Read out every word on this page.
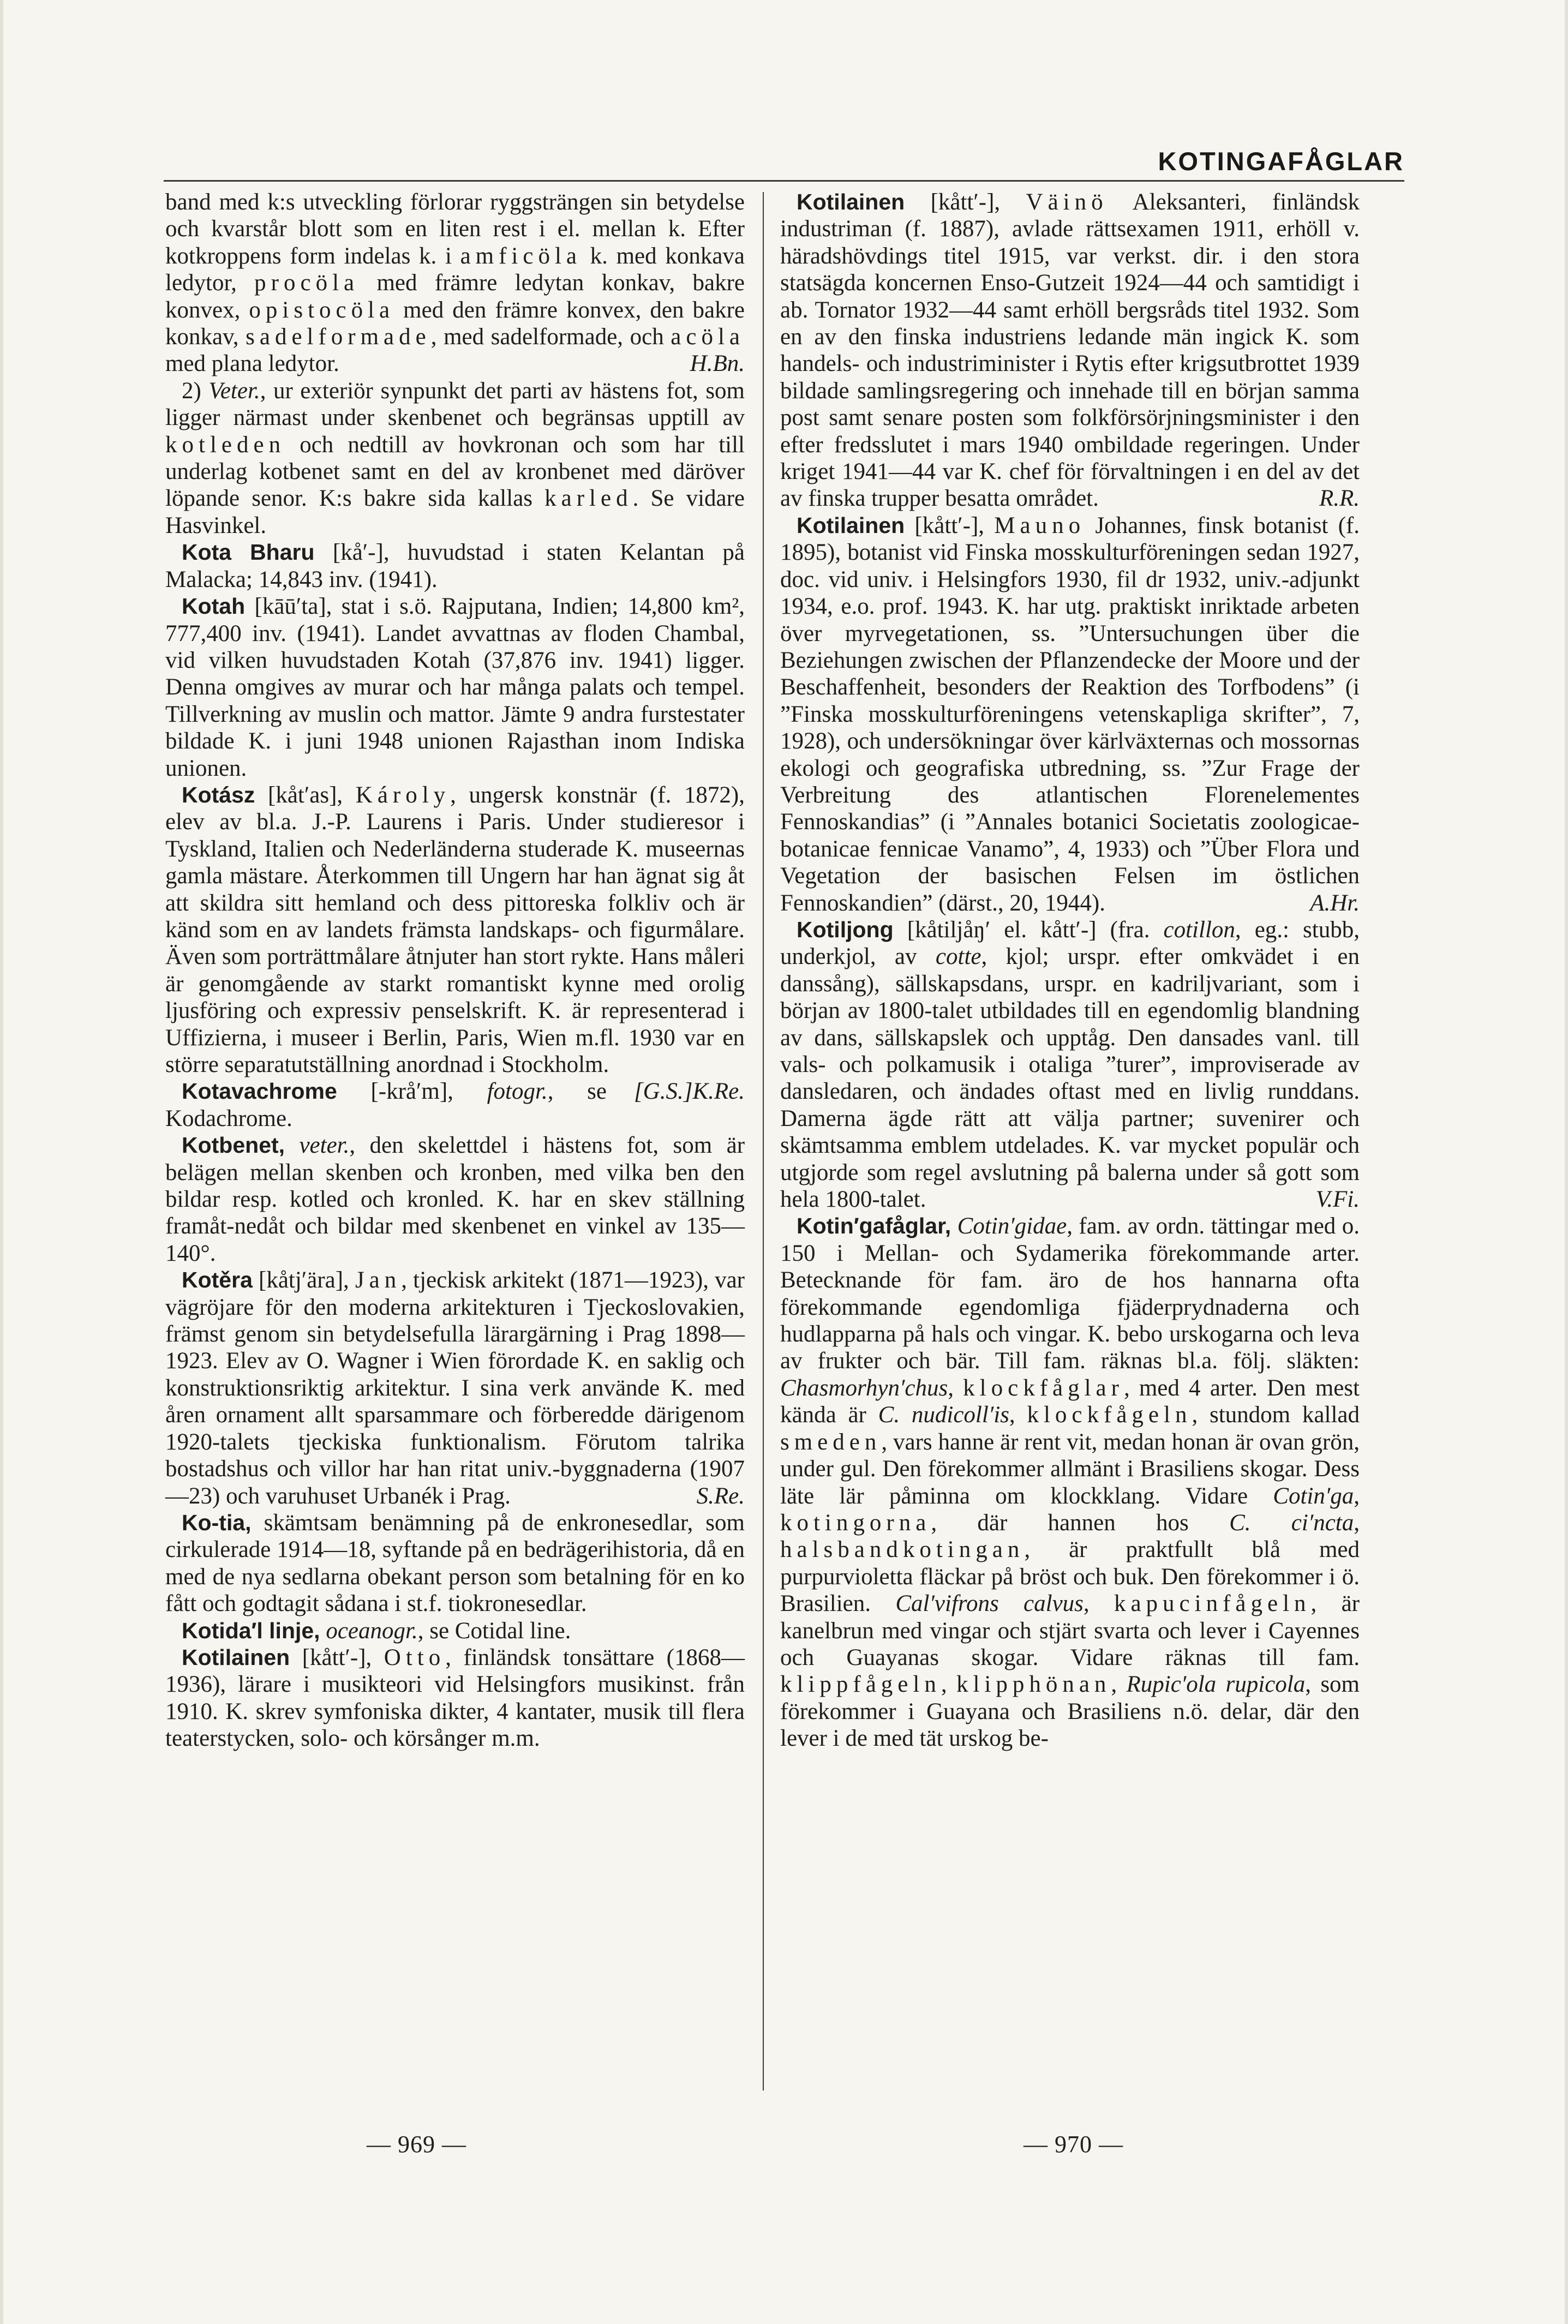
KOTINGAFÅGLAR

band med k:s utveckling förlorar ryggsträngen sin betydelse och kvarstår blott som en liten rest i el. mellan k. Efter kotkroppens form indelas k. i amficöla k. med konkava ledytor, procöla med främre ledytan konkav, bakre konvex, opistocöla med den främre konvex, den bakre konkav, sadelformade, med sadelformade, och acöla med plana ledytor.	H.Bn.

2) Veter., ur exteriör synpunkt det parti av hästens fot, som ligger närmast under skenbenet och begränsas upptill av kotleden och nedtill av hovkronan och som har till underlag kotbenet samt en del av kronbenet med däröver löpande senor. K:s bakre sida kallas karled. Se vidare Hasvinkel.

Kota Bharu [kå′-], huvudstad i staten Kelantan på Malacka; 14,843 inv. (1941).

Kotah [kāū′ta], stat i s.ö. Rajputana, Indien; 14,800 km², 777,400 inv. (1941). Landet avvattnas av floden Chambal, vid vilken huvudstaden Kotah (37,876 inv. 1941) ligger. Denna omgives av murar och har många palats och tempel. Tillverkning av muslin och mattor. Jämte 9 andra furstestater bildade K. i juni 1948 unionen Rajasthan inom Indiska unionen.

Kotász [kåt′as], Károly, ungersk konstnär (f. 1872), elev av bl.a. J.-P. Laurens i Paris. Under studieresor i Tyskland, Italien och Nederländerna studerade K. museernas gamla mästare. Återkommen till Ungern har han ägnat sig åt att skildra sitt hemland och dess pittoreska folkliv och är känd som en av landets främsta landskaps- och figurmålare. Även som porträttmålare åtnjuter han stort rykte. Hans måleri är genomgående av starkt romantiskt kynne med orolig ljusföring och expressiv penselskrift. K. är representerad i Uffizierna, i museer i Berlin, Paris, Wien m.fl. 1930 var en större separatutställning anordnad i Stockholm.
[G.S.]K.Re.

Kotavachrome [-krå′m], fotogr., se Kodachrome.

Kotbenet, veter., den skelettdel i hästens fot, som är belägen mellan skenben och kronben, med vilka ben den bildar resp. kotled och kronled. K. har en skev ställning framåt-nedåt och bildar med skenbenet en vinkel av 135—140°.

Kotěra [kåtj′ära], Jan, tjeckisk arkitekt (1871—1923), var vägröjare för den moderna arkitekturen i Tjeckoslovakien, främst genom sin betydelsefulla lärargärning i Prag 1898—1923. Elev av O. Wagner i Wien förordade K. en saklig och konstruktionsriktig arkitektur. I sina verk använde K. med åren ornament allt sparsammare och förberedde därigenom 1920-talets tjeckiska funktionalism. Förutom talrika bostadshus och villor har han ritat univ.-byggnaderna (1907—23) och varuhuset Urbanék i Prag.	S.Re.

Ko-tia, skämtsam benämning på de enkronesedlar, som cirkulerade 1914—18, syftande på en bedrägerihistoria, då en med de nya sedlarna obekant person som betalning för en ko fått och godtagit sådana i st.f. tiokronesedlar.

Kotida′l linje, oceanogr., se Cotidal line.

Kotilainen [kått′-], Otto, finländsk tonsättare (1868—1936), lärare i musikteori vid Helsingfors musikinst. från 1910. K. skrev symfoniska dikter, 4 kantater, musik till flera teaterstycken, solo- och körsånger m.m.

Kotilainen [kått′-], Väinö Aleksanteri, finländsk industriman (f. 1887), avlade rättsexamen 1911, erhöll v. häradshövdings titel 1915, var verkst. dir. i den stora statsägda koncernen Enso-Gutzeit 1924—44 och samtidigt i ab. Tornator 1932—44 samt erhöll bergsråds titel 1932. Som en av den finska industriens ledande män ingick K. som handels- och industriminister i Rytis efter krigsutbrottet 1939 bildade samlingsregering och innehade till en början samma post samt senare posten som folkförsörjningsminister i den efter fredsslutet i mars 1940 ombildade regeringen. Under kriget 1941—44 var K. chef för förvaltningen i en del av det av finska trupper besatta området.	R.R.

Kotilainen [kått′-], Mauno Johannes, finsk botanist (f. 1895), botanist vid Finska mosskulturföreningen sedan 1927, doc. vid univ. i Helsingfors 1930, fil dr 1932, univ.-adjunkt 1934, e.o. prof. 1943. K. har utg. praktiskt inriktade arbeten över myrvegetationen, ss. ”Untersuchungen über die Beziehungen zwischen der Pflanzendecke der Moore und der Beschaffenheit, besonders der Reaktion des Torfbodens” (i ”Finska mosskulturföreningens vetenskapliga skrifter”, 7, 1928), och undersökningar över kärlväxternas och mossornas ekologi och geografiska utbredning, ss. ”Zur Frage der Verbreitung des atlantischen Florenelementes Fennoskandias” (i ”Annales botanici Societatis zoologicae-botanicae fennicae Vanamo”, 4, 1933) och ”Über Flora und Vegetation der basischen Felsen im östlichen Fennoskandien” (därst., 20, 1944).	A.Hr.

Kotiljong [kåtiljåŋ′ el. kått′-] (fra. cotillon, eg.: stubb, underkjol, av cotte, kjol; urspr. efter omkvädet i en danssång), sällskapsdans, urspr. en kadriljvariant, som i början av 1800-talet utbildades till en egendomlig blandning av dans, sällskapslek och upptåg. Den dansades vanl. till vals- och polkamusik i otaliga ”turer”, improviserade av dansledaren, och ändades oftast med en livlig runddans. Damerna ägde rätt att välja partner; suvenirer och skämtsamma emblem utdelades. K. var mycket populär och utgjorde som regel avslutning på balerna under så gott som hela 1800-talet.	V.Fi.

Kotin′gafåglar, Cotin′gidae, fam. av ordn. tättingar med o. 150 i Mellan- och Sydamerika förekommande arter. Betecknande för fam. äro de hos hannarna ofta förekommande egendomliga fjäderprydnaderna och hudlapparna på hals och vingar. K. bebo urskogarna och leva av frukter och bär. Till fam. räknas bl.a. följ. släkten: Chasmorhyn′chus, klockfåglar, med 4 arter. Den mest kända är C. nudicoll′is, klockfågeln, stundom kallad smeden, vars hanne är rent vit, medan honan är ovan grön, under gul. Den förekommer allmänt i Brasiliens skogar. Dess läte lär påminna om klockklang. Vidare Cotin′ga, kotingorna, där hannen hos C. ci′ncta, halsbandkotingan, är praktfullt blå med purpurvioletta fläckar på bröst och buk. Den förekommer i ö. Brasilien. Cal′vifrons calvus, kapucinfågeln, är kanelbrun med vingar och stjärt svarta och lever i Cayennes och Guayanas skogar. Vidare räknas till fam. klippfågeln, klipphönan, Rupic′ola rupicola, som förekommer i Guayana och Brasiliens n.ö. delar, där den lever i de med tät urskog be-

— 969 —	— 970 —
